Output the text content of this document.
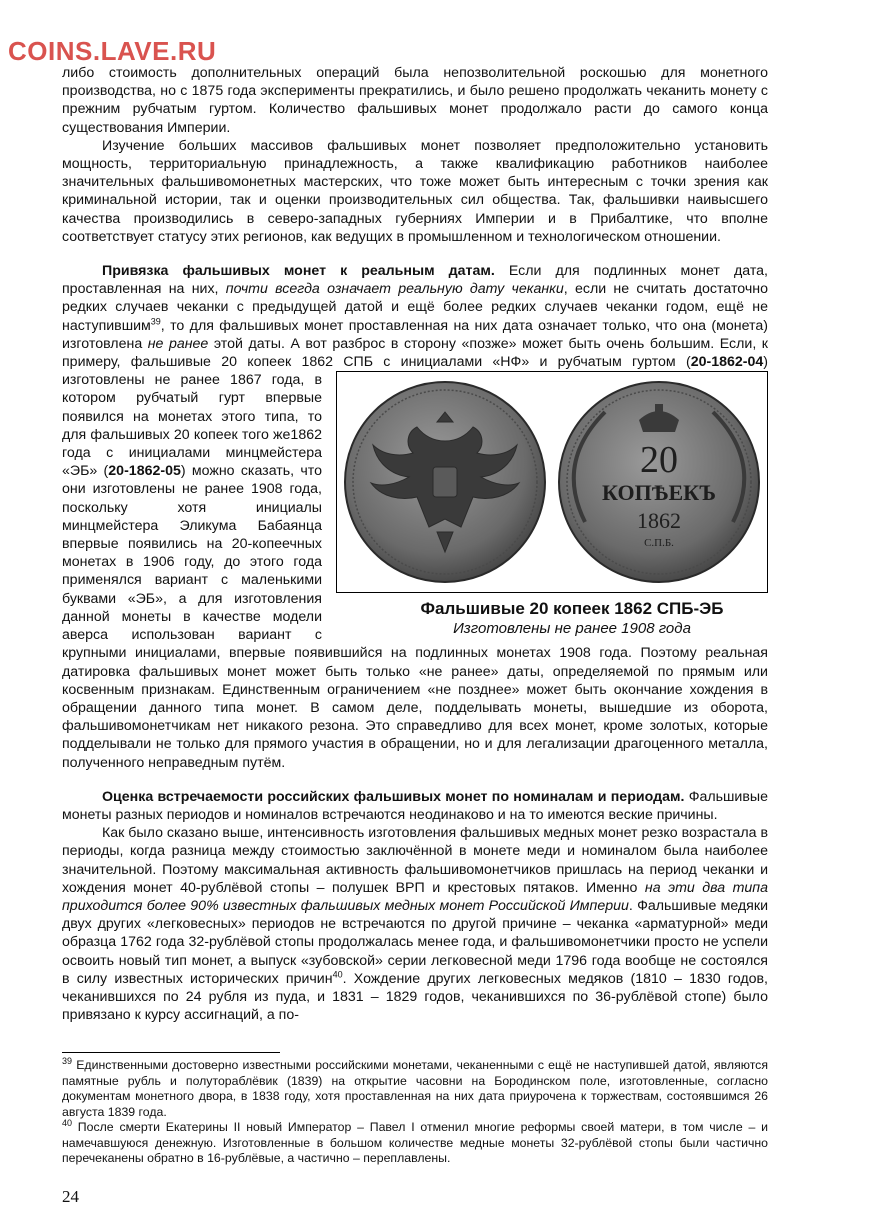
COINS.LAVE.RU

либо стоимость дополнительных операций была непозволительной роскошью для монетного производства, но с 1875 года эксперименты прекратились, и было решено продолжать чеканить монету с прежним рубчатым гуртом. Количество фальшивых монет продолжало расти до самого конца существования Империи.

Изучение больших массивов фальшивых монет позволяет предположительно установить мощность, территориальную принадлежность, а также квалификацию работников наиболее значительных фальшивомонетных мастерских, что тоже может быть интересным с точки зрения как криминальной истории, так и оценки производительных сил общества. Так, фальшивки наивысшего качества производились в северо-западных губерниях Империи и в Прибалтике, что вполне соответствует статусу этих регионов, как ведущих в промышленном и технологическом отношении.

Привязка фальшивых монет к реальным датам. Если для подлинных монет дата, проставленная на них, почти всегда означает реальную дату чеканки, если не считать достаточно редких случаев чеканки с предыдущей датой и ещё более редких случаев чеканки годом, ещё не наступившим$^{39}$, то для фальшивых монет проставленная на них дата означает только, что она (монета) изготовлена не ранее этой даты. А вот разброс в сторону «позже» может быть очень большим. Если, к примеру, фальшивые 20 копеек 1862 СПБ с инициалами «НФ» и рубчатым гуртом (
20
КОПѢЕКЪ
1862
С.П.Б.
Фальшивые 20 копеек 1862 СПБ-ЭБ
Изготовлены не ранее 1908 года
20-1862-04) изготовлены не ранее 1867 года, в котором рубчатый гурт впервые появился на монетах этого типа, то для фальшивых 20 копеек того же1862 года с инициалами минцмейстера «ЭБ» (20-1862-05) можно сказать, что они изготовлены не ранее 1908 года, поскольку хотя инициалы минцмейстера Эликума Бабаянца впервые появились на 20-копеечных монетах в 1906 году, до этого года применялся вариант с маленькими буквами «ЭБ», а для изготовления данной монеты в качестве модели аверса использован вариант с крупными инициалами, впервые появившийся на подлинных монетах 1908 года. Поэтому реальная датировка фальшивых монет может быть только «не ранее» даты, определяемой по прямым или косвенным признакам. Единственным ограничением «не позднее» может быть окончание хождения в обращении данного типа монет. В самом деле, подделывать монеты, вышедшие из оборота, фальшивомонетчикам нет никакого резона. Это справедливо для всех монет, кроме золотых, которые подделывали не только для прямого участия в обращении, но и для легализации драгоценного металла, полученного неправедным путём.

Оценка встречаемости российских фальшивых монет по номиналам и периодам. Фальшивые монеты разных периодов и номиналов встречаются неодинаково и на то имеются веские причины.

Как было сказано выше, интенсивность изготовления фальшивых медных монет резко возрастала в периоды, когда разница между стоимостью заключённой в монете меди и номиналом была наиболее значительной. Поэтому максимальная активность фальшивомонетчиков пришлась на период чеканки и хождения монет 40-рублёвой стопы – полушек ВРП и крестовых пятаков. Именно на эти два типа приходится более 90% известных фальшивых медных монет Российской Империи. Фальшивые медяки двух других «легковесных» периодов не встречаются по другой причине – чеканка «арматурной» меди образца 1762 года 32-рублёвой стопы продолжалась менее года, и фальшивомонетчики просто не успели освоить новый тип монет, а выпуск «зубовской» серии легковесной меди 1796 года вообще не состоялся в силу известных исторических причин$^{40}$. Хождение других легковесных медяков (1810 – 1830 годов, чеканившихся по 24 рубля из пуда, и 1831 – 1829 годов, чеканившихся по 36-рублёвой стопе) было привязано к курсу ассигнаций, а по-

$^{39}$ Единственными достоверно известными российскими монетами, чеканенными с ещё не наступившей датой, являются памятные рубль и полутораблёвик (1839) на открытие часовни на Бородинском поле, изготовленные, согласно документам монетного двора, в 1838 году, хотя проставленная на них дата приурочена к торжествам, состоявшимся 26 августа 1839 года.

$^{40}$ После смерти Екатерины II новый Император – Павел I отменил многие реформы своей матери, в том числе – и намечавшуюся денежную. Изготовленные в большом количестве медные монеты 32-рублёвой стопы были частично перечеканены обратно в 16-рублёвые, а частично – переплавлены.

24
